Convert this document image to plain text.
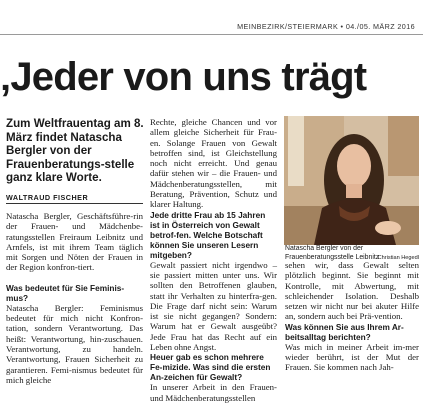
MEINBEZIRK/STEIERMARK • 04./05. MÄRZ 2016
‚Jeder von uns trägt
Zum Weltfrauentag am 8. März findet Natascha Bergler von der Frauenberatungs-stelle ganz klare Worte.
WALTRAUD FISCHER

Natascha Bergler, Geschäftsführe-rin der Frauen- und Mädchenbe-ratungsstellen Freiraum Leibnitz und Arnfels, ist mit ihrem Team täglich mit Sorgen und Nöten der Frauen in der Region konfron-tiert.

Was bedeutet für Sie Feminis-mus?

Natascha Bergler: Feminismus bedeutet für mich nicht Konfron-tation, sondern Verantwortung. Das heißt: Verantwortung, hin-zuschauen. Verantwortung, zu handeln. Verantwortung, Frauen Sicherheit zu garantieren. Femi-nismus bedeutet für mich gleiche

Rechte, gleiche Chancen und vor allem gleiche Sicherheit für Frau-en. Solange Frauen von Gewalt betroffen sind, ist Gleichstellung noch nicht erreicht. Und genau dafür stehen wir – die Frauen- und Mädchenberatungsstellen, mit Beratung, Prävention, Schutz und klarer Haltung.

Jede dritte Frau ab 15 Jahren ist in Österreich von Gewalt betrof-fen. Welche Botschaft können Sie unseren Lesern mitgeben?

Gewalt passiert nicht irgendwo – sie passiert mitten unter uns. Wir sollten den Betroffenen glauben, statt ihr Verhalten zu hinterfra-gen. Die Frage darf nicht sein: Warum ist sie nicht gegangen? Sondern: Warum hat er Gewalt ausgeübt? Jede Frau hat das Recht auf ein Leben ohne Angst.

Heuer gab es schon mehrere Fe-mizide. Was sind die ersten An-zeichen für Gewalt?

In unserer Arbeit in den Frauen- und Mädchenberatungsstellen

Natascha Bergler von der Frauenberatungsstelle Leibnitz
Christian Hegedl

sehen wir, dass Gewalt selten plötzlich beginnt. Sie beginnt mit Kontrolle, mit Abwertung, mit schleichender Isolation. Deshalb setzen wir nicht nur bei akuter Hilfe an, sondern auch bei Prä-vention.

Was können Sie aus Ihrem Ar-beitsalltag berichten?

Was mich in meiner Arbeit im-mer wieder berührt, ist der Mut der Frauen. Sie kommen nach Jah-
